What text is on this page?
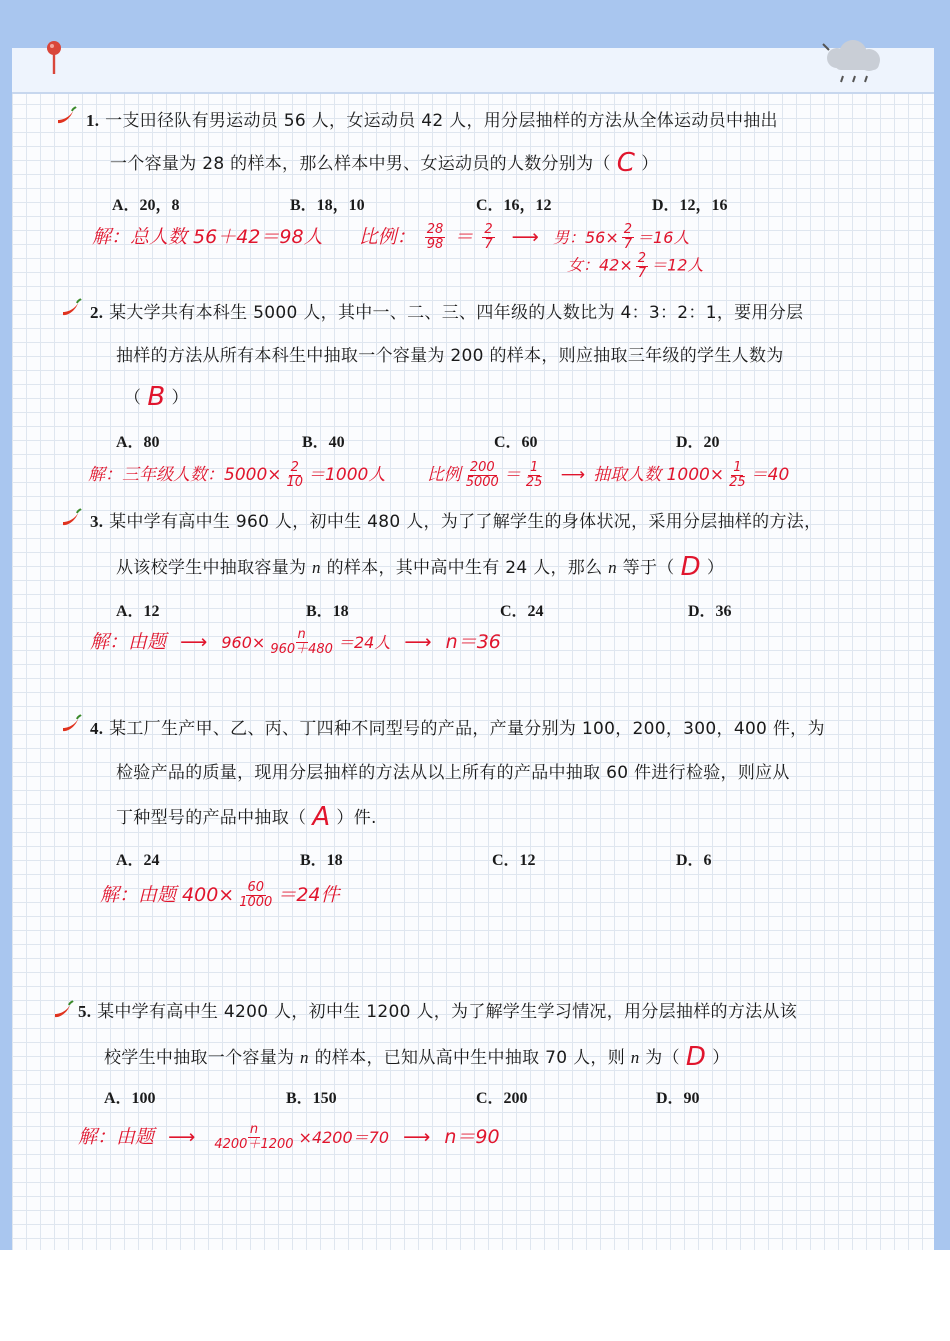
1. 一支田径队有男运动员 56 人，女运动员 42 人，用分层抽样的方法从全体运动员中抽出
一个容量为 28 的样本，那么样本中男、女运动员的人数分别为（ C ）
A．20，8	B．18，10	C．16，12	D．12，16
解：总人数 56＋42＝98人 比例： $\frac{28}{98} = \frac{2}{7}$ ⟶ 男：$56\times \frac{2}{7} =16$人
女：$42\times \frac{2}{7} =12$人
2. 某大学共有本科生 5000 人，其中一、二、三、四年级的人数比为 4：3：2：1，要用分层
抽样的方法从所有本科生中抽取一个容量为 200 的样本，则应抽取三年级的学生人数为
（ B ）
A．80	B．40	C．60	D．20
解：三年级人数：$5000\times \frac{2}{10} =1000$人 比例 $\frac{200}{5000} = \frac{1}{25}$ ⟶ 抽取人数 $1000\times \frac{1}{25} =40$
3. 某中学有高中生 960 人，初中生 480 人，为了了解学生的身体状况，采用分层抽样的方法，
从该校学生中抽取容量为 n 的样本，其中高中生有 24 人，那么 n 等于（ D ）
A．12	B．18	C．24	D．36
解：由题 ⟶ $960\times \frac{n}{960+480} =24$人 ⟶ n＝36
4. 某工厂生产甲、乙、丙、丁四种不同型号的产品，产量分别为 100，200，300，400 件，为
检验产品的质量，现用分层抽样的方法从以上所有的产品中抽取 60 件进行检验，则应从
丁种型号的产品中抽取（ A ）件.
A．24	B．18	C．12	D．6
解：由题 $400\times \frac{60}{1000} =24$件
5. 某中学有高中生 4200 人，初中生 1200 人，为了解学生学习情况，用分层抽样的方法从该
校学生中抽取一个容量为 n 的样本，已知从高中生中抽取 70 人，则 n 为（ D ）
A．100	B．150	C．200	D．90
解：由题 ⟶ $\frac{n}{4200+1200} \times 4200=70$ ⟶ n＝90
